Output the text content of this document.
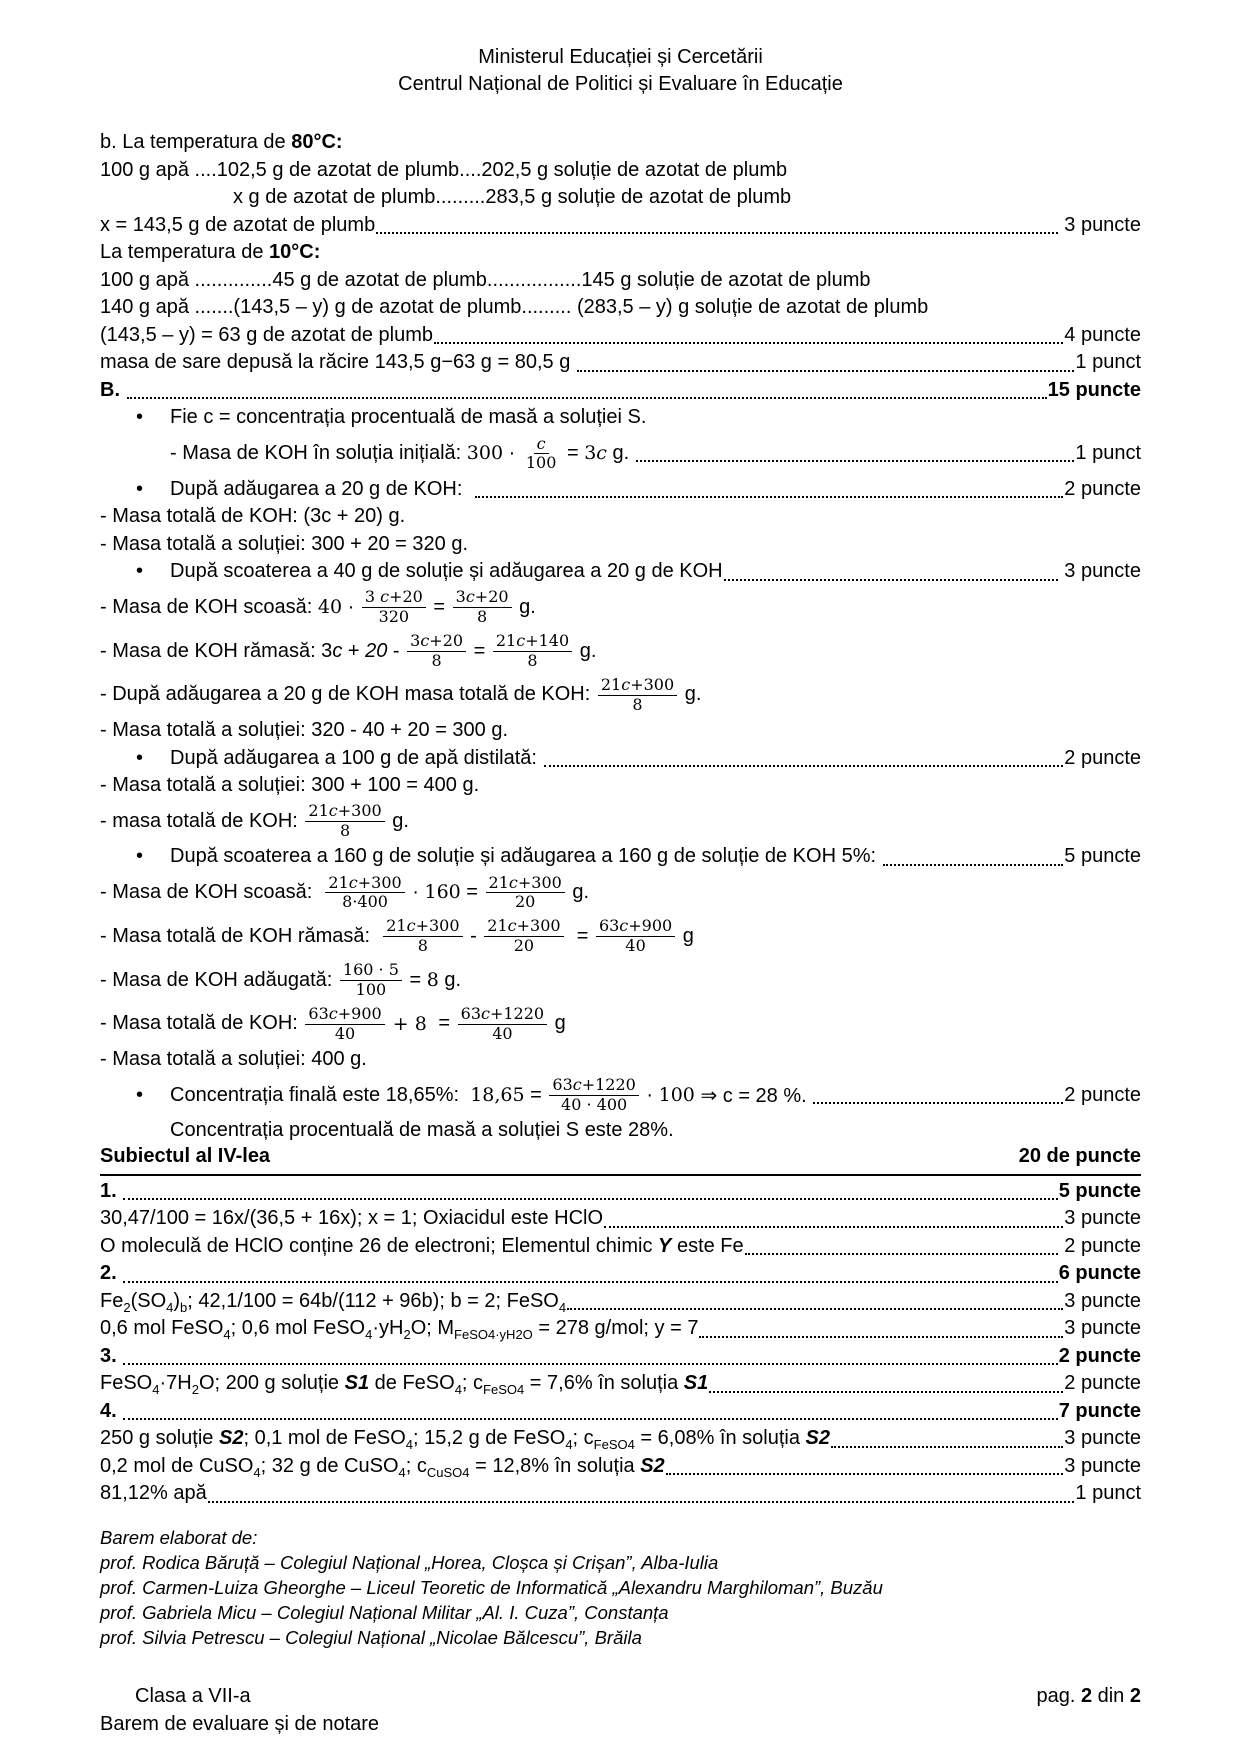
Ministerul Educației și Cercetării
Centrul Național de Politici și Evaluare în Educație
b. La temperatura de 80°C:
100 g apă ....102,5 g de azotat de plumb....202,5 g soluție de azotat de plumb
x g de azotat de plumb.........283,5 g soluție de azotat de plumb
x = 143,5 g de azotat de plumb	3 puncte
La temperatura de 10°C:
100 g apă ..............45 g de azotat de plumb.................145 g soluție de azotat de plumb
140 g apă .......(143,5 – y) g de azotat de plumb......... (283,5 – y) g soluție de azotat de plumb
(143,5 – y) = 63 g de azotat de plumb	4 puncte
masa de sare depusă la răcire 143,5 g−63 g = 80,5 g	1 punct
B.	15 puncte
•	Fie c = concentrația procentuală de masă a soluției S.
- Masa de KOH în soluția inițială: $300 \cdot \frac{c}{100} = 3c$ g.	1 punct
•	După adăugarea a 20 g de KOH:	2 puncte
- Masa totală de KOH: (3c + 20) g.
- Masa totală a soluției: 300 + 20 = 320 g.
•	După scoaterea a 40 g de soluție și adăugarea a 20 g de KOH	3 puncte
- Masa de KOH scoasă: $40 \cdot \frac{3 c+20}{320} = \frac{3c+20}{8} g$.
- Masa de KOH rămasă: 3 $c + 20 - \frac{3c+20}{8} = \frac{21c+140}{8} g$.
- După adăugarea a 20 g de KOH masa totală de KOH: $\frac{21c+300}{8} g$.
- Masa totală a soluției: 320 - 40 + 20 = 300 g.
•	După adăugarea a 100 g de apă distilată:	2 puncte
- Masa totală a soluției: 300 + 100 = 400 g.
- masa totală de KOH: $\frac{21c+300}{8} g$.
•	După scoaterea a 160 g de soluție și adăugarea a 160 g de soluție de KOH 5%:	5 puncte
- Masa de KOH scoasă: $\frac{21c+300}{8\cdot 400} \cdot 160 = \frac{21c+300}{20} g$.
- Masa totală de KOH rămasă: $\frac{21c+300}{8} - \frac{21c+300}{20} = \frac{63c+900}{40}$ g
- Masa de KOH adăugată: $\frac{160 \cdot 5}{100} = 8$ g.
- Masa totală de KOH: $\frac{63c+900}{40} + 8 = \frac{63c+1220}{40}$ g
- Masa totală a soluției: 400 g.
•	Concentrația finală este 18,65%: $18,65 = \frac{63c+1220}{40 \cdot 400} \cdot 100$ ⇒ c = 28 %.	2 puncte
Concentrația procentuală de masă a soluției S este 28%.
Subiectul al IV-lea	20 de puncte
1.	5 puncte
30,47/100 = 16x/(36,5 + 16x); x = 1; Oxiacidul este HClO	3 puncte
O moleculă de HClO conține 26 de electroni; Elementul chimic Y este Fe	2 puncte
2.	6 puncte
Fe 2 (SO 4 ) b ; 42,1/100 = 64b/(112 + 96b); b = 2; FeSO 4	3 puncte
0,6 mol FeSO 4 ; 0,6 mol FeSO 4 ·yH 2 O; M FeSO4·yH2O = 278 g/mol; y = 7	3 puncte
3.	2 puncte
FeSO 4 ·7H 2 O; 200 g soluție S1 de FeSO 4 ; c FeSO4 = 7,6% în soluția S1	2 puncte
4.	7 puncte
250 g soluție S2 ; 0,1 mol de FeSO 4 ; 15,2 g de FeSO 4 ; c FeSO4 = 6,08% în soluția S2	3 puncte
0,2 mol de CuSO 4 ; 32 g de CuSO 4 ; c CuSO4 = 12,8% în soluția S2	3 puncte
81,12% apă	1 punct
Barem elaborat de:
prof. Rodica Băruță – Colegiul Național „Horea, Cloșca și Crișan”, Alba-Iulia
prof. Carmen-Luiza Gheorghe – Liceul Teoretic de Informatică „Alexandru Marghiloman”, Buzău
prof. Gabriela Micu – Colegiul Național Militar „Al. I. Cuza”, Constanța
prof. Silvia Petrescu – Colegiul Național „Nicolae Bălcescu”, Brăila
Clasa a VII-a
Barem de evaluare și de notare
pag. 2 din 2
